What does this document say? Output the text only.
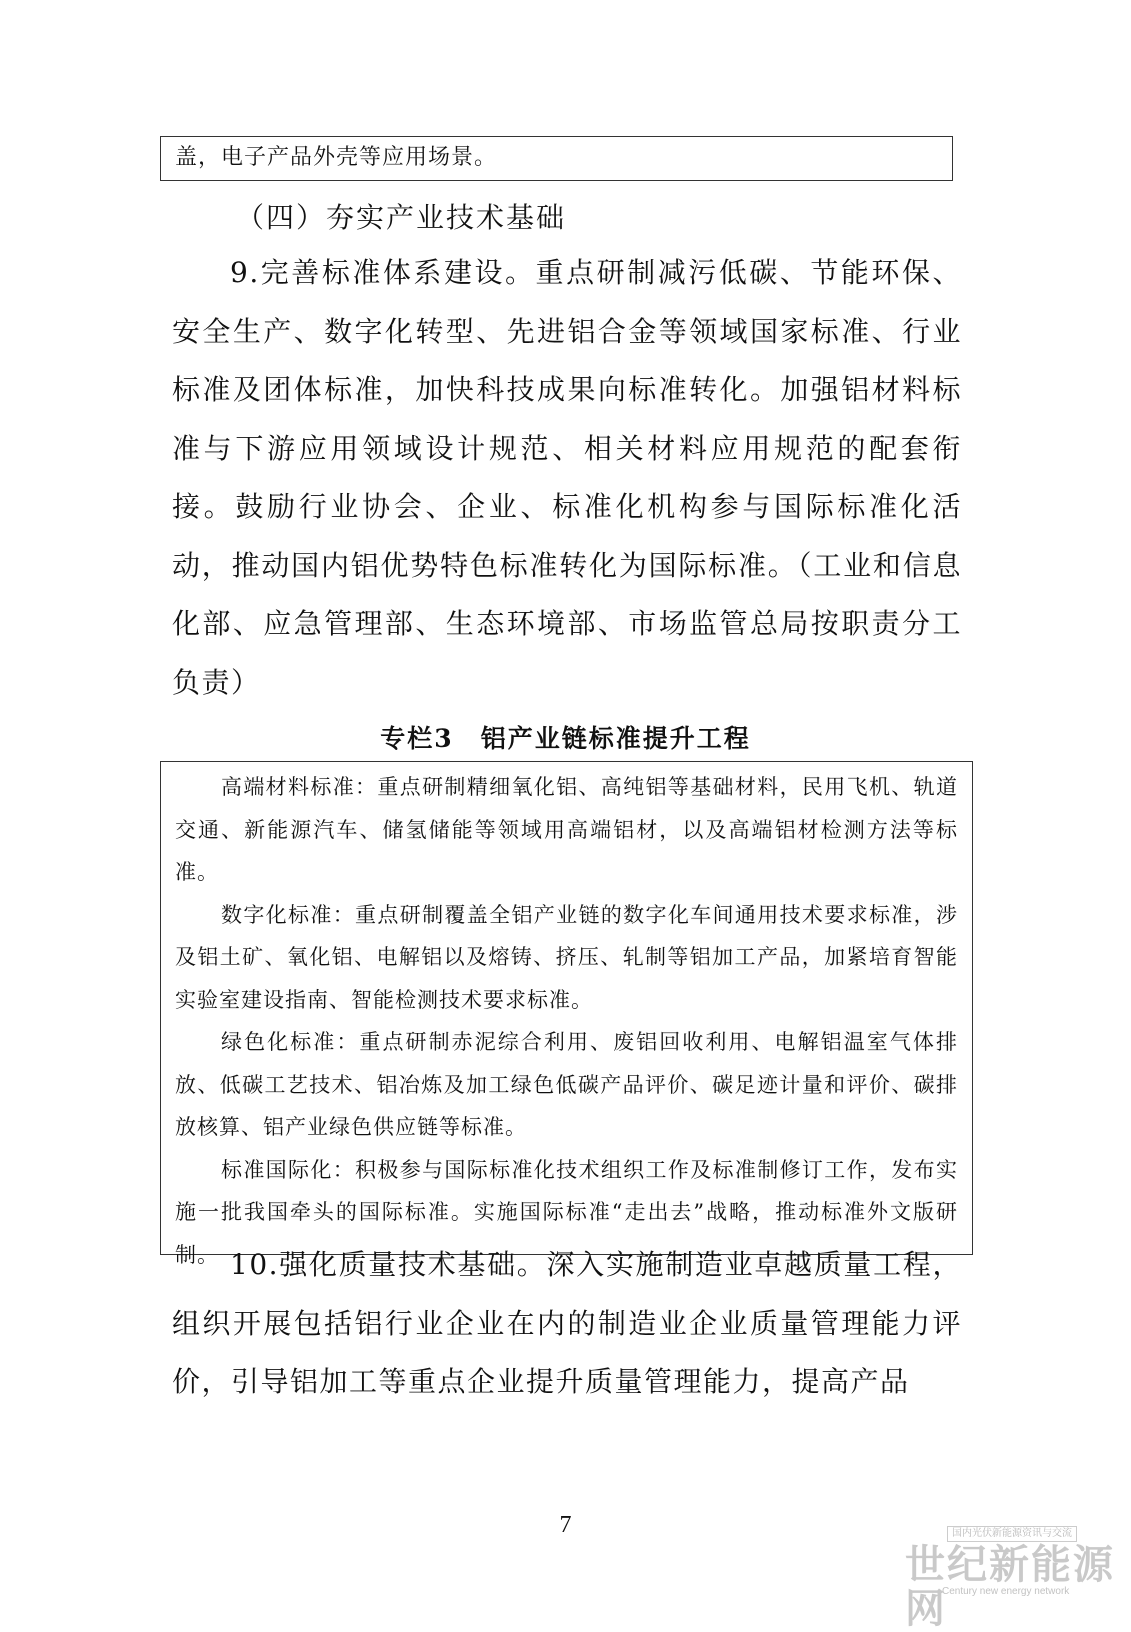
盖，电子产品外壳等应用场景。
（四）夯实产业技术基础

9.完善标准体系建设。重点研制减污低碳、节能环保、安全生产、数字化转型、先进铝合金等领域国家标准、行业标准及团体标准，加快科技成果向标准转化。加强铝材料标准与下游应用领域设计规范、相关材料应用规范的配套衔接。鼓励行业协会、企业、标准化机构参与国际标准化活动，推动国内铝优势特色标准转化为国际标准。（工业和信息化部、应急管理部、生态环境部、市场监管总局按职责分工负责）

专栏3　铝产业链标准提升工程

高端材料标准：重点研制精细氧化铝、高纯铝等基础材料，民用飞机、轨道交通、新能源汽车、储氢储能等领域用高端铝材，以及高端铝材检测方法等标准。

数字化标准：重点研制覆盖全铝产业链的数字化车间通用技术要求标准，涉及铝土矿、氧化铝、电解铝以及熔铸、挤压、轧制等铝加工产品，加紧培育智能实验室建设指南、智能检测技术要求标准。

绿色化标准：重点研制赤泥综合利用、废铝回收利用、电解铝温室气体排放、低碳工艺技术、铝冶炼及加工绿色低碳产品评价、碳足迹计量和评价、碳排放核算、铝产业绿色供应链等标准。

标准国际化：积极参与国际标准化技术组织工作及标准制修订工作，发布实施一批我国牵头的国际标准。实施国际标准“走出去”战略，推动标准外文版研制。 10.强化质量技术基础。深入实施制造业卓越质量工程，组织开展包括铝行业企业在内的制造业企业质量管理能力评价，引导铝加工等重点企业提升质量管理能力，提高产品

7	国内光伏新能源资讯与交流
世纪新能源网
Century new energy network
